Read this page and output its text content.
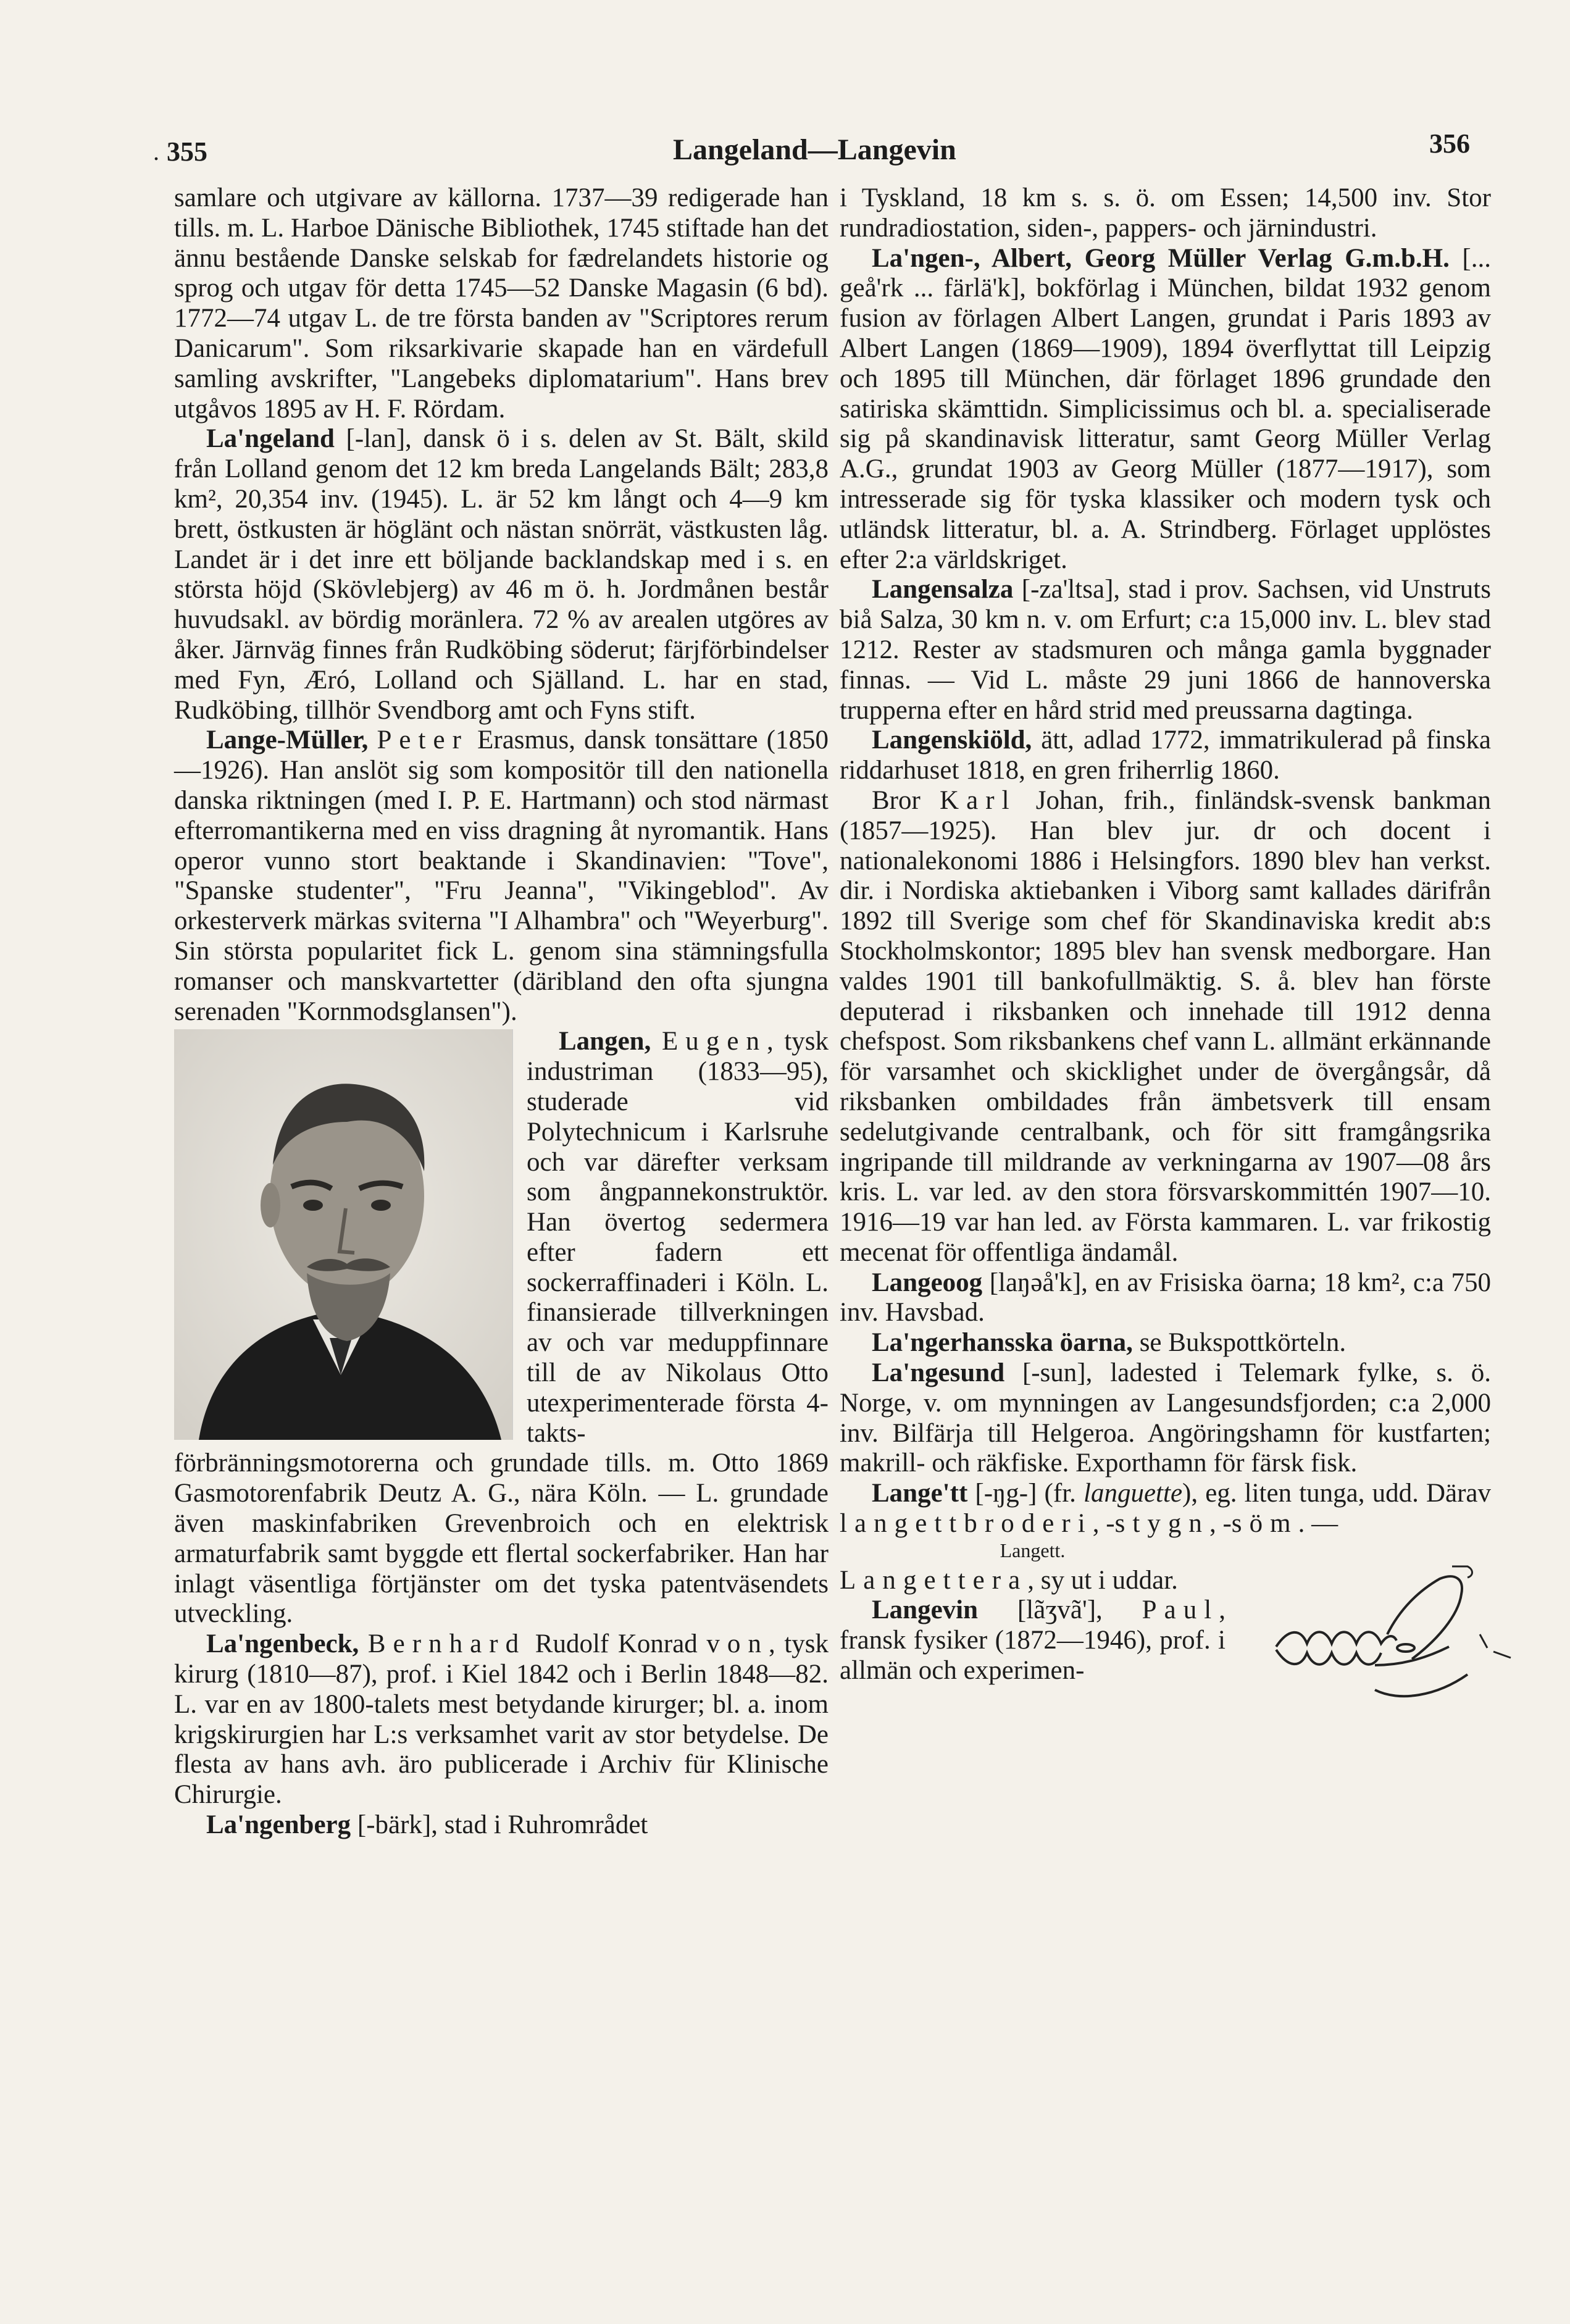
. 355	Langeland—Langevin	356

samlare och utgivare av källorna. 1737—39 redigerade han tills. m. L. Harboe Dänische Bibliothek, 1745 stiftade han det ännu bestående Danske selskab for fædrelandets historie og sprog och utgav för detta 1745—52 Danske Magasin (6 bd). 1772—74 utgav L. de tre första banden av "Scriptores rerum Danicarum". Som riksarkivarie skapade han en värdefull samling avskrifter, "Langebeks diplomatarium". Hans brev utgåvos 1895 av H. F. Rördam.

La'ngeland [-lan], dansk ö i s. delen av St. Bält, skild från Lolland genom det 12 km breda Langelands Bält; 283,8 km², 20,354 inv. (1945). L. är 52 km långt och 4—9 km brett, östkusten är höglänt och nästan snörrät, västkusten låg. Landet är i det inre ett böljande backlandskap med i s. en största höjd (Skövlebjerg) av 46 m ö. h. Jordmånen består huvudsakl. av bördig moränlera. 72 % av arealen utgöres av åker. Järnväg finnes från Rudköbing söderut; färjförbindelser med Fyn, Æró, Lolland och Själland. L. har en stad, Rudköbing, tillhör Svendborg amt och Fyns stift.

Lange-Müller, Peter Erasmus, dansk tonsättare (1850—1926). Han anslöt sig som kompositör till den nationella danska riktningen (med I. P. E. Hartmann) och stod närmast efterromantikerna med en viss dragning åt nyromantik. Hans operor vunno stort beaktande i Skandinavien: "Tove", "Spanske studenter", "Fru Jeanna", "Vikingeblod". Av orkesterverk märkas sviterna "I Alhambra" och "Weyerburg". Sin största popularitet fick L. genom sina stämningsfulla romanser och manskvartetter (däribland den ofta sjungna serenaden "Kornmodsglansen").

Langen, Eugen, tysk industriman (1833—95), studerade vid Polytechnicum i Karlsruhe och var därefter verksam som ångpannekonstruktör. Han övertog sedermera efter fadern ett sockerraffinaderi i Köln. L. finansierade tillverkningen av och var meduppfinnare till de av Nikolaus Otto utexperimenterade första 4-takts-förbränningsmotorerna och grundade tills. m. Otto 1869 Gasmotorenfabrik Deutz A. G., nära Köln. — L. grundade även maskinfabriken Grevenbroich och en elektrisk armaturfabrik samt byggde ett flertal sockerfabriker. Han har inlagt väsentliga förtjänster om det tyska patentväsendets utveckling.

La'ngenbeck, Bernhard Rudolf Konrad von, tysk kirurg (1810—87), prof. i Kiel 1842 och i Berlin 1848—82. L. var en av 1800-talets mest betydande kirurger; bl. a. inom krigskirurgien har L:s verksamhet varit av stor betydelse. De flesta av hans avh. äro publicerade i Archiv für Klinische Chirurgie.

La'ngenberg [-bärk], stad i Ruhrområdet

i Tyskland, 18 km s. s. ö. om Essen; 14,500 inv. Stor rundradiostation, siden-, pappers- och järnindustri.

La'ngen-, Albert, Georg Müller Verlag G.m.b.H. [... geå'rk ... färlä'k], bokförlag i München, bildat 1932 genom fusion av förlagen Albert Langen, grundat i Paris 1893 av Albert Langen (1869—1909), 1894 överflyttat till Leipzig och 1895 till München, där förlaget 1896 grundade den satiriska skämttidn. Simplicissimus och bl. a. specialiserade sig på skandinavisk litteratur, samt Georg Müller Verlag A.G., grundat 1903 av Georg Müller (1877—1917), som intresserade sig för tyska klassiker och modern tysk och utländsk litteratur, bl. a. A. Strindberg. Förlaget upplöstes efter 2:a världskriget.

Langensalza [-za'ltsa], stad i prov. Sachsen, vid Unstruts biå Salza, 30 km n. v. om Erfurt; c:a 15,000 inv. L. blev stad 1212. Rester av stadsmuren och många gamla byggnader finnas. — Vid L. måste 29 juni 1866 de hannoverska trupperna efter en hård strid med preussarna dagtinga.

Langenskiöld, ätt, adlad 1772, immatrikulerad på finska riddarhuset 1818, en gren friherrlig 1860.

Bror Karl Johan, frih., finländsk-svensk bankman (1857—1925). Han blev jur. dr och docent i nationalekonomi 1886 i Helsingfors. 1890 blev han verkst. dir. i Nordiska aktiebanken i Viborg samt kallades därifrån 1892 till Sverige som chef för Skandinaviska kredit ab:s Stockholmskontor; 1895 blev han svensk medborgare. Han valdes 1901 till bankofullmäktig. S. å. blev han förste deputerad i riksbanken och innehade till 1912 denna chefspost. Som riksbankens chef vann L. allmänt erkännande för varsamhet och skicklighet under de övergångsår, då riksbanken ombildades från ämbetsverk till ensam sedelutgivande centralbank, och för sitt framgångsrika ingripande till mildrande av verkningarna av 1907—08 års kris. L. var led. av den stora försvarskommittén 1907—10. 1916—19 var han led. av Första kammaren. L. var frikostig mecenat för offentliga ändamål.

Langeoog [laŋəå'k], en av Frisiska öarna; 18 km², c:a 750 inv. Havsbad.

La'ngerhansska öarna, se Bukspottkörteln.

La'ngesund [-sun], ladested i Telemark fylke, s. ö. Norge, v. om mynningen av Langesundsfjorden; c:a 2,000 inv. Bilfärja till Helgeroa. Angöringshamn för kustfarten; makrill- och räkfiske. Exporthamn för färsk fisk.

Lange'tt [-ŋg-] (fr. languette), eg. liten tunga, udd. Därav langettbroderi, -stygn, -söm. —

Langett.
Langettera, sy ut i uddar.

Langevin [lãʒvã'], Paul, fransk fysiker (1872—1946), prof. i allmän och experimen-
